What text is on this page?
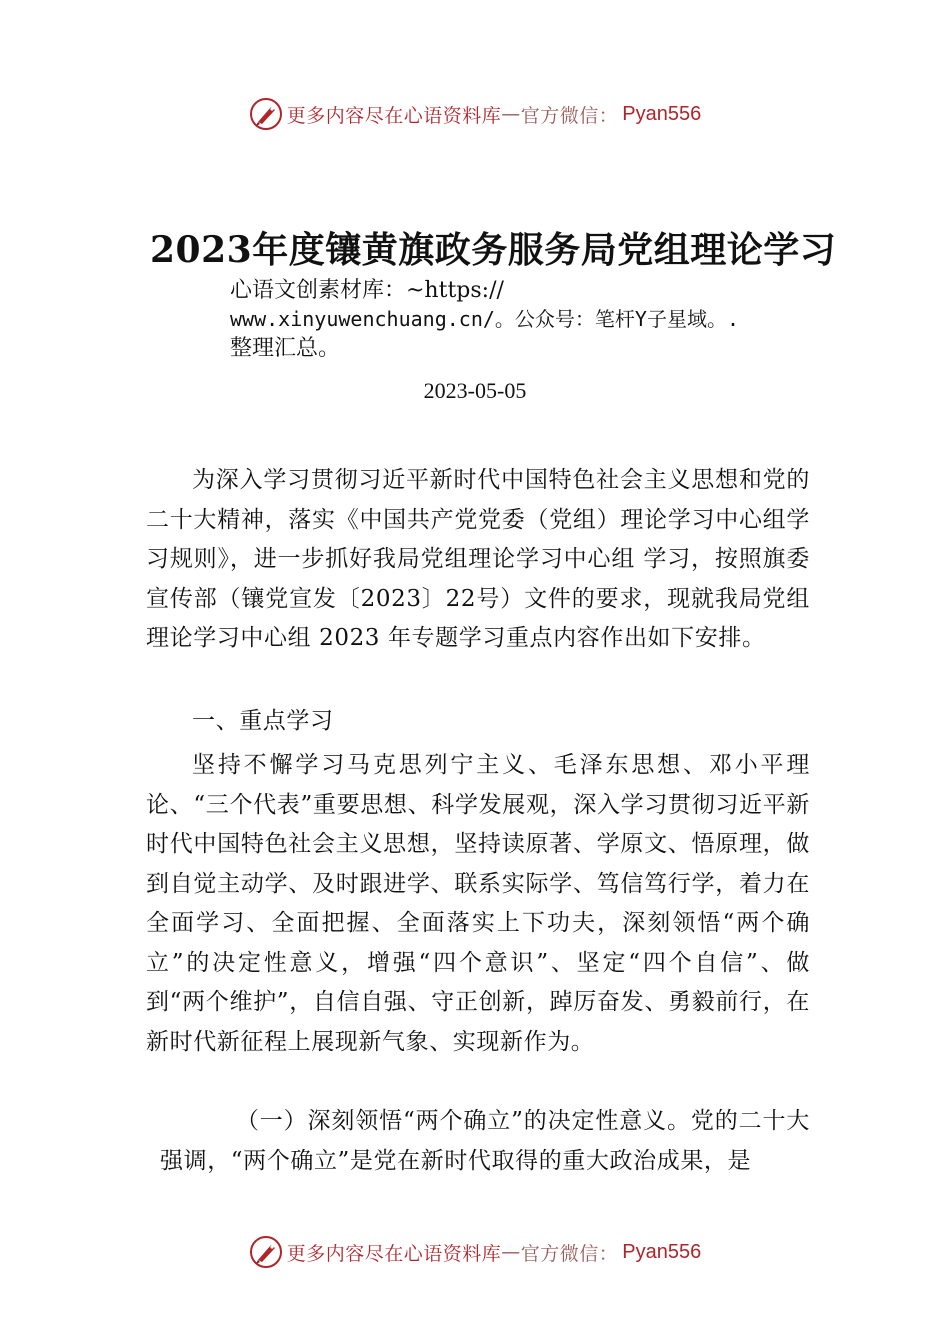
更多内容尽在心语资料库 — 官方微信： Pyan556
2023年度镶黄旗政务服务局党组理论学习
心语文创素材库：~https://
www.xinyuwenchuang.cn/。公众号：笔杆Y子星域。.
整理汇总。
2023-05-05

为深入学习贯彻习近平新时代中国特色社会主义思想和党的二十大精神，落实《中国共产党党委（党组）理论学习中心组学习规则》，进一步抓好我局党组理论学习中心组 学习，按照旗委宣传部（镶党宣发〔2023〕22号）文件的要求，现就我局党组理论学习中心组 2023 年专题学习重点内容作出如下安排。

一、重点学习

坚持不懈学习马克思列宁主义、毛泽东思想、邓小平理论、“三个代表”重要思想、科学发展观，深入学习贯彻习近平新时代中国特色社会主义思想，坚持读原著、学原文、悟原理，做到自觉主动学、及时跟进学、联系实际学、笃信笃行学，着力在全面学习、全面把握、全面落实上下功夫，深刻领悟“两个确立”的决定性意义，增强“四个意识”、坚定“四个自信”、做到“两个维护”，自信自强、守正创新，踔厉奋发、勇毅前行，在新时代新征程上展现新气象、实现新作为。

（一）深刻领悟“两个确立”的决定性意义。党的二十大强调，“两个确立”是党在新时代取得的重大政治成果，是

更多内容尽在心语资料库 — 官方微信： Pyan556
